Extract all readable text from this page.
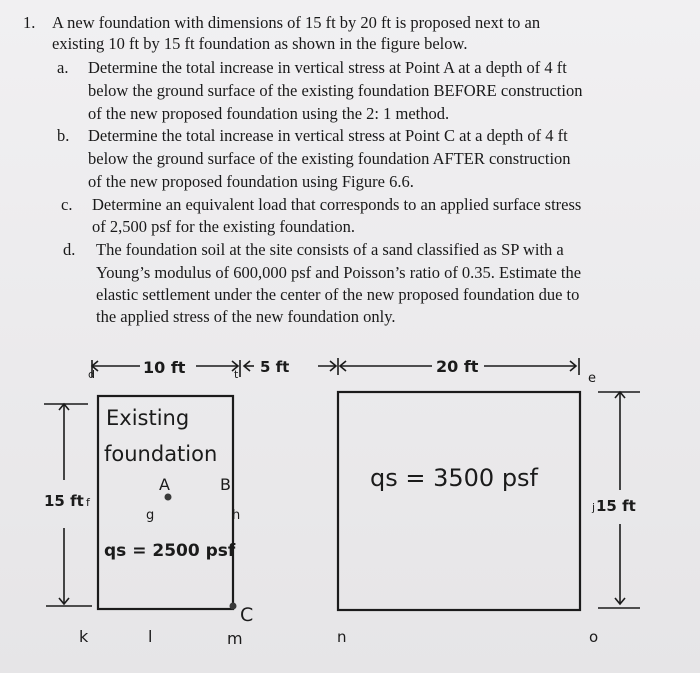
1. A new foundation with dimensions of 15 ft by 20 ft is proposed next to an
existing 10 ft by 15 ft foundation as shown in the figure below.
a. Determine the total increase in vertical stress at Point A at a depth of 4 ft
below the ground surface of the existing foundation BEFORE construction
of the new proposed foundation using the 2: 1 method.
b. Determine the total increase in vertical stress at Point C at a depth of 4 ft
below the ground surface of the existing foundation AFTER construction
of the new proposed foundation using Figure 6.6.
c. Determine an equivalent load that corresponds to an applied surface stress
of 2,500 psf for the existing foundation.
d. The foundation soil at the site consists of a sand classified as SP with a
Young’s modulus of 600,000 psf and Poisson’s ratio of 0.35. Estimate the
elastic settlement under the center of the new proposed foundation due to
the applied stress of the new foundation only.
10 ft	5 ft	20 ft
15 ft	15 ft
Existing
foundation
A	B
qs = 2500 psf
C
qs = 3500 psf
d	t	e
f
g	h	i	j
k	l	m	n	o
